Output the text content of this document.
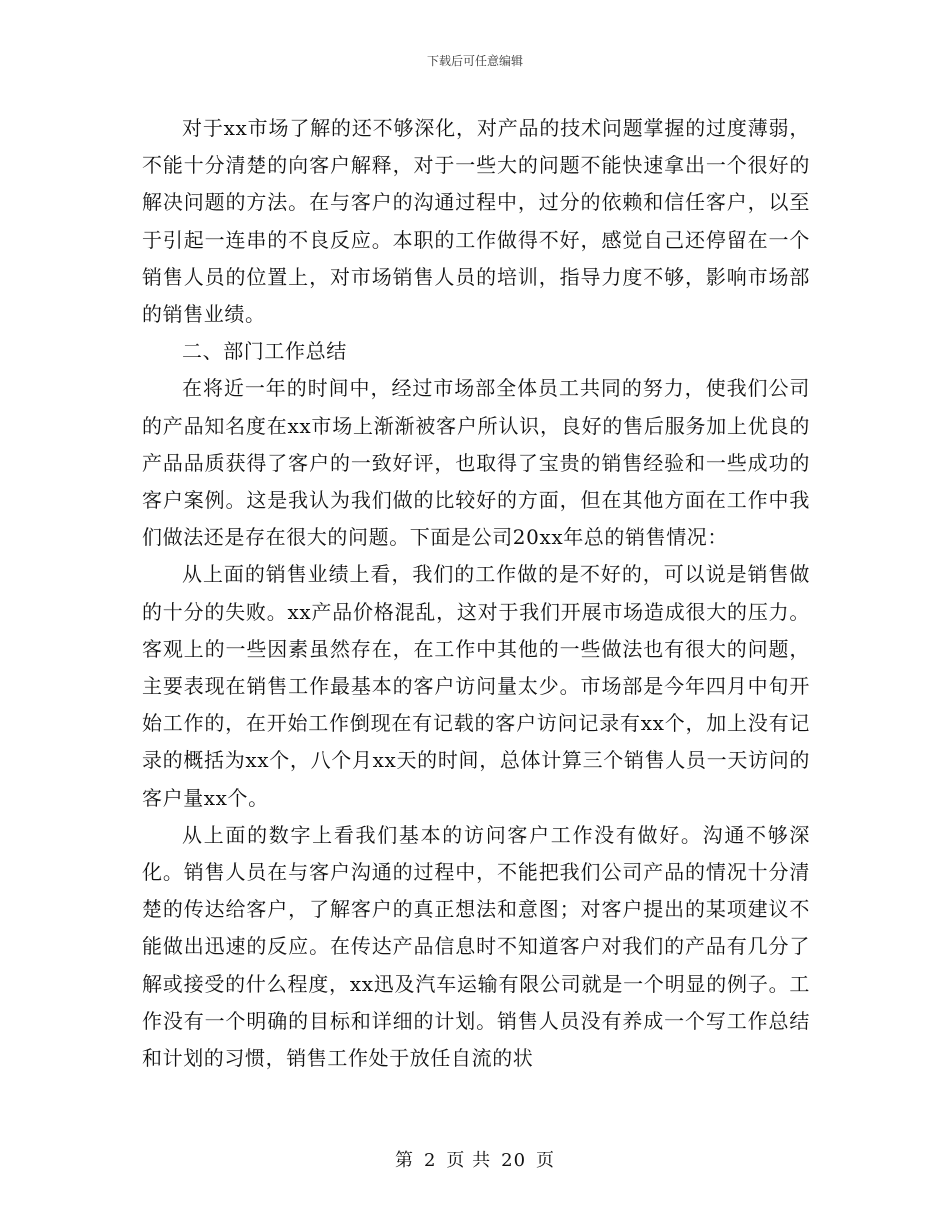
下载后可任意编辑

对于xx市场了解的还不够深化，对产品的技术问题掌握的过度薄弱，不能十分清楚的向客户解释，对于一些大的问题不能快速拿出一个很好的解决问题的方法。在与客户的沟通过程中，过分的依赖和信任客户，以至于引起一连串的不良反应。本职的工作做得不好，感觉自己还停留在一个销售人员的位置上，对市场销售人员的培训，指导力度不够，影响市场部的销售业绩。

二、部门工作总结

在将近一年的时间中，经过市场部全体员工共同的努力，使我们公司的产品知名度在xx市场上渐渐被客户所认识，良好的售后服务加上优良的产品品质获得了客户的一致好评，也取得了宝贵的销售经验和一些成功的客户案例。这是我认为我们做的比较好的方面，但在其他方面在工作中我们做法还是存在很大的问题。下面是公司20xx年总的销售情况：

从上面的销售业绩上看，我们的工作做的是不好的，可以说是销售做的十分的失败。xx产品价格混乱，这对于我们开展市场造成很大的压力。客观上的一些因素虽然存在，在工作中其他的一些做法也有很大的问题，主要表现在销售工作最基本的客户访问量太少。市场部是今年四月中旬开始工作的，在开始工作倒现在有记载的客户访问记录有xx个，加上没有记录的概括为xx个，八个月xx天的时间，总体计算三个销售人员一天访问的客户量xx个。

从上面的数字上看我们基本的访问客户工作没有做好。沟通不够深化。销售人员在与客户沟通的过程中，不能把我们公司产品的情况十分清楚的传达给客户，了解客户的真正想法和意图；对客户提出的某项建议不能做出迅速的反应。在传达产品信息时不知道客户对我们的产品有几分了解或接受的什么程度，xx迅及汽车运输有限公司就是一个明显的例子。工作没有一个明确的目标和详细的计划。销售人员没有养成一个写工作总结和计划的习惯，销售工作处于放任自流的状

第 2 页 共 20 页
